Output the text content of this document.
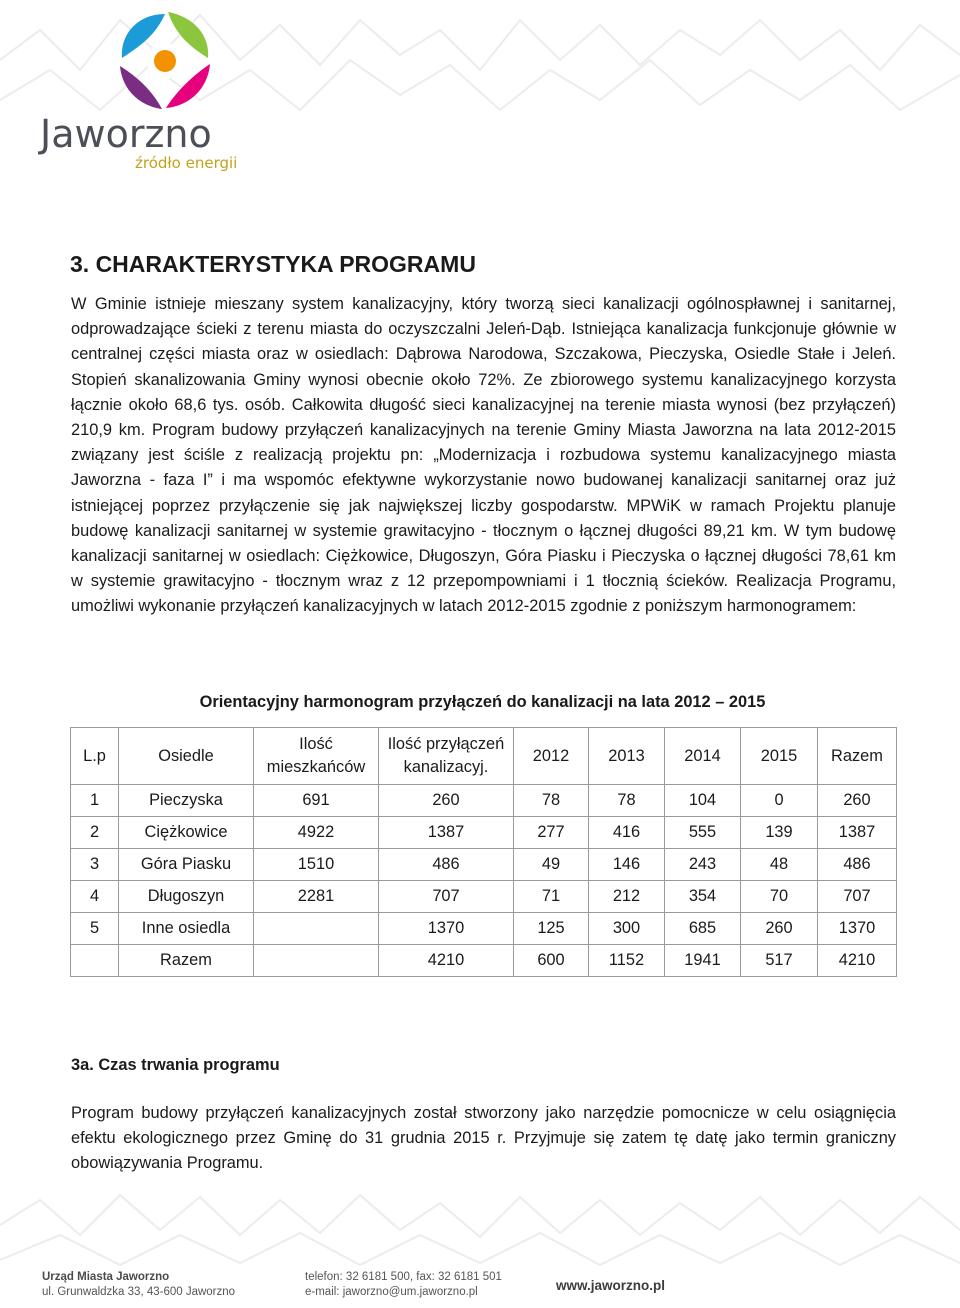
Jaworzno
źródło energii
3. CHARAKTERYSTYKA PROGRAMU

W Gminie istnieje mieszany system kanalizacyjny, który tworzą sieci kanalizacji ogólnospławnej i sanitarnej, odprowadzające ścieki z terenu miasta do oczyszczalni Jeleń-Dąb. Istniejąca kanalizacja funkcjonuje głównie w centralnej części miasta oraz w osiedlach: Dąbrowa Narodowa, Szczakowa, Pieczyska, Osiedle Stałe i Jeleń. Stopień skanalizowania Gminy wynosi obecnie około 72%. Ze zbiorowego systemu kanalizacyjnego korzysta łącznie około 68,6 tys. osób. Całkowita długość sieci kanalizacyjnej na terenie miasta wynosi (bez przyłączeń) 210,9 km. Program budowy przyłączeń kanalizacyjnych na terenie Gminy Miasta Jaworzna na lata 2012-2015 związany jest ściśle z realizacją projektu pn: „Modernizacja i rozbudowa systemu kanalizacyjnego miasta Jaworzna - faza I” i ma wspomóc efektywne wykorzystanie nowo budowanej kanalizacji sanitarnej oraz już istniejącej poprzez przyłączenie się jak największej liczby gospodarstw. MPWiK w ramach Projektu planuje budowę kanalizacji sanitarnej w systemie grawitacyjno - tłocznym o łącznej długości 89,21 km. W tym budowę kanalizacji sanitarnej w osiedlach: Ciężkowice, Długoszyn, Góra Piasku i Pieczyska o łącznej długości 78,61 km w systemie grawitacyjno - tłocznym wraz z 12 przepompowniami i 1 tłocznią ścieków. Realizacja Programu, umożliwi wykonanie przyłączeń kanalizacyjnych w latach 2012-2015 zgodnie z poniższym harmonogramem:

Orientacyjny harmonogram przyłączeń do kanalizacji na lata 2012 – 2015

L.p	Osiedle	Ilość mieszkańców	Ilość przyłączeń kanalizacyj.	2012	2013	2014	2015	Razem
1	Pieczyska	691	260	78	78	104	0	260
2	Ciężkowice	4922	1387	277	416	555	139	1387
3	Góra Piasku	1510	486	49	146	243	48	486
4	Długoszyn	2281	707	71	212	354	70	707
5	Inne osiedla		1370	125	300	685	260	1370
	Razem		4210	600	1152	1941	517	4210
3a. Czas trwania programu

Program budowy przyłączeń kanalizacyjnych został stworzony jako narzędzie pomocnicze w celu osiągnięcia efektu ekologicznego przez Gminę do 31 grudnia 2015 r. Przyjmuje się zatem tę datę jako termin graniczny obowiązywania Programu.

Urząd Miasta Jaworzno
ul. Grunwaldzka 33, 43-600 Jaworzno
telefon: 32 6181 500, fax: 32 6181 501
e-mail: jaworzno@um.jaworzno.pl	www.jaworzno.pl
